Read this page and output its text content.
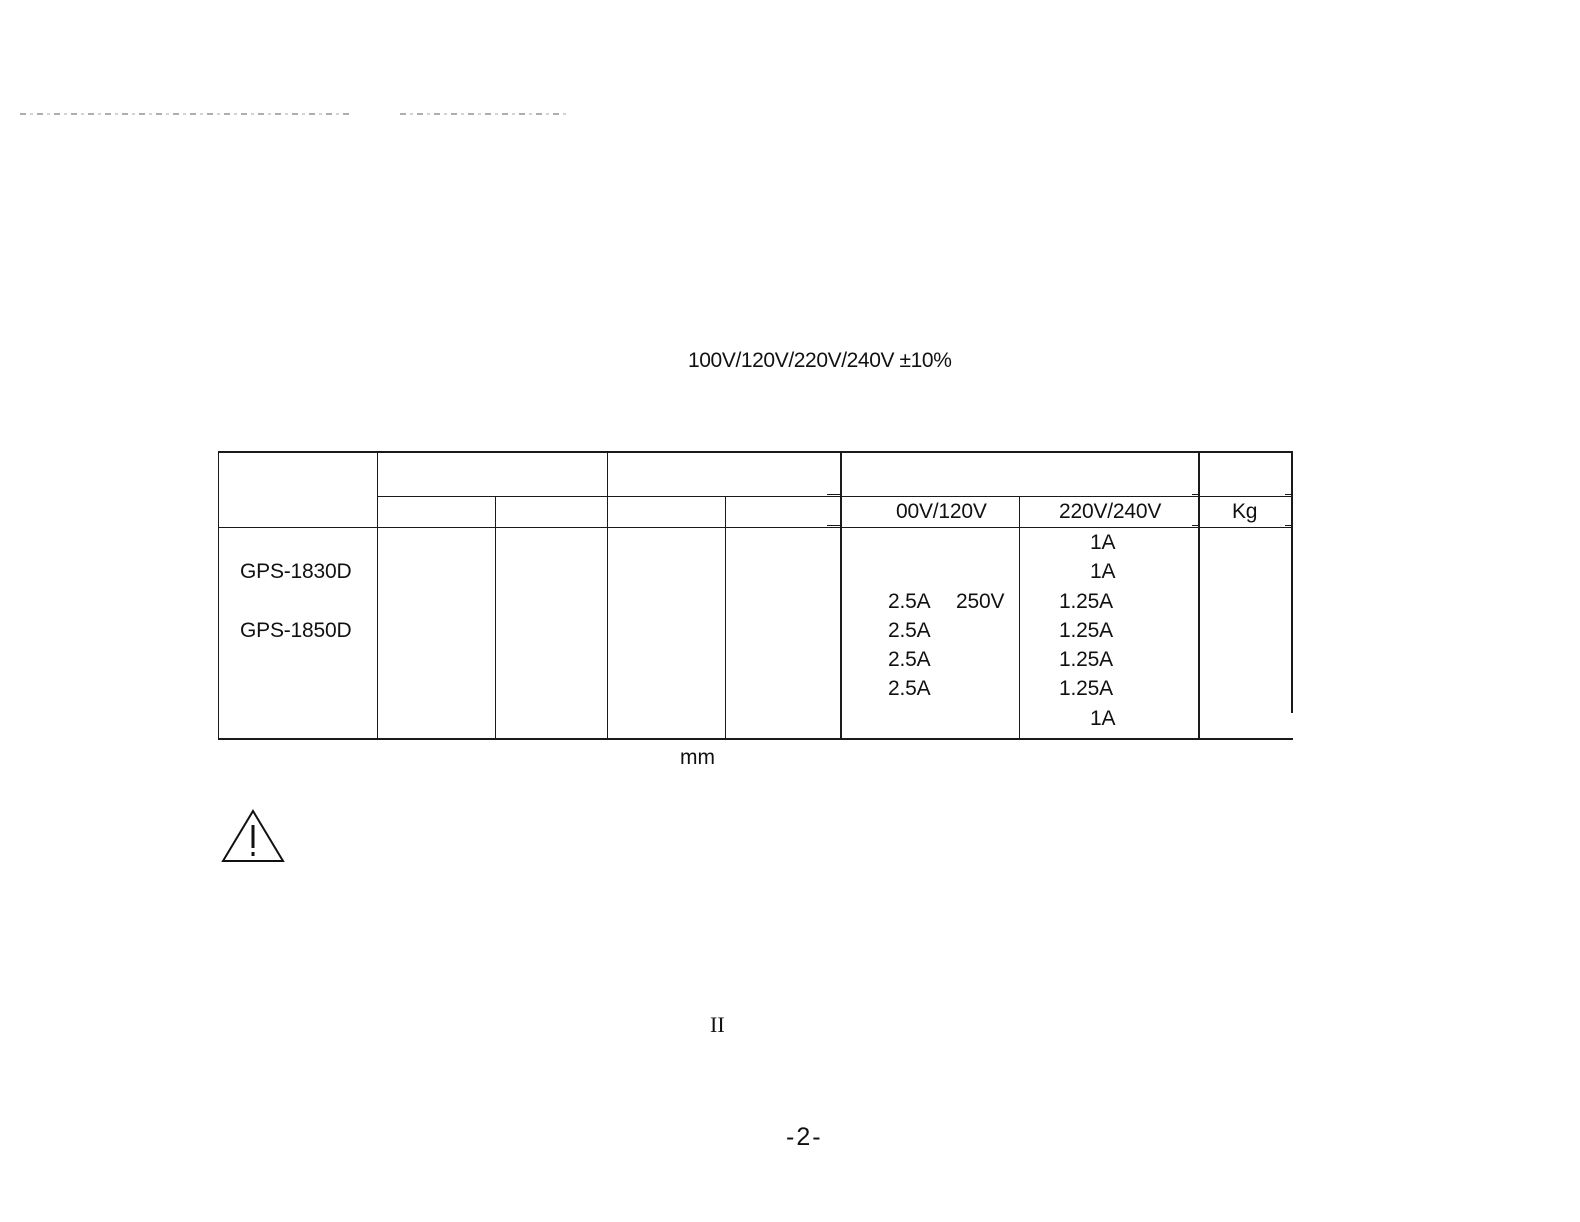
100V/120V/220V/240V ±10%
00V/120V	220V/240V	Kg
GPS-1830D
GPS-1850D
2.5A 250V
2.5A
2.5A
2.5A
1A
1A
1.25A
1.25A
1.25A
1.25A
1A
mm
II
-2-
